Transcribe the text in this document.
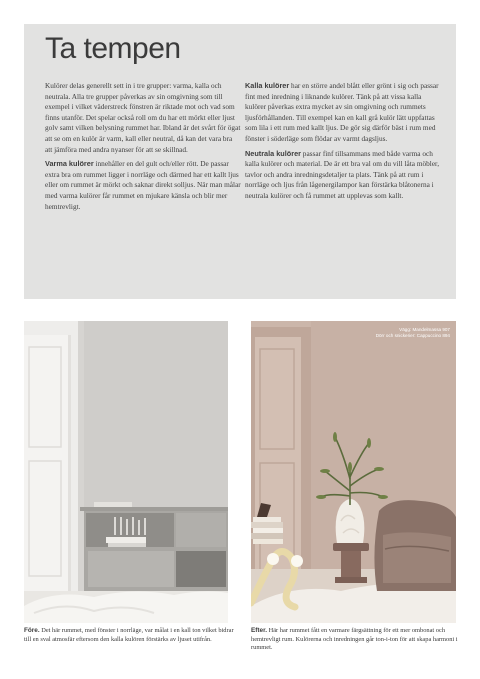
Ta tempen

Kulörer delas generellt sett in i tre grupper: varma, kalla och neutrala. Alla tre grupper påverkas av sin omgivning som till exempel i vilket väderstreck fönstren är riktade mot och vad som finns utanför. Det spelar också roll om du har ett mörkt eller ljust golv samt vilken belysning rummet har. Ibland är det svårt för ögat att se om en kulör är varm, kall eller neutral, då kan det vara bra att jämföra med andra nyanser för att se skillnad.

Varma kulörer innehåller en del gult och/eller rött. De passar extra bra om rummet ligger i norrläge och därmed har ett kallt ljus eller om rummet är mörkt och saknar direkt solljus. När man målar med varma kulörer får rummet en mjukare känsla och blir mer hemtrevligt.

Kalla kulörer har en större andel blått eller grönt i sig och passar fint med inredning i liknande kulörer. Tänk på att vissa kalla kulörer påverkas extra mycket av sin omgivning och rummets ljusförhållanden. Till exempel kan en kall grå kulör lätt uppfattas som lila i ett rum med kallt ljus. De gör sig därför bäst i rum med fönster i söderläge som flödar av varmt dagsljus.

Neutrala kulörer passar finf tillsammans med både varma och kalla kulörer och material. De är ett bra val om du vill låta möbler, tavlor och andra inredningsdetaljer ta plats. Tänk på att rum i norrläge och ljus från lågenergilampor kan förstärka blåtonerna i neutrala kulörer och få rummet att upplevas som kallt.

Vägg: Mandelmassa 907
Dörr och snickerier: Cappuccino 894
Före. Det här rummet, med fönster i norrläge, var målat i en kall ton vilket bidrar till en sval atmosfär eftersom den kalla kulören förstärks av ljuset utifrån.
Efter. Här har rummet fått en varmare färgsättning för ett mer ombonat och hemtrevligt rum. Kulörerna och inredningen går ton-i-ton för att skapa harmoni i rummet.
